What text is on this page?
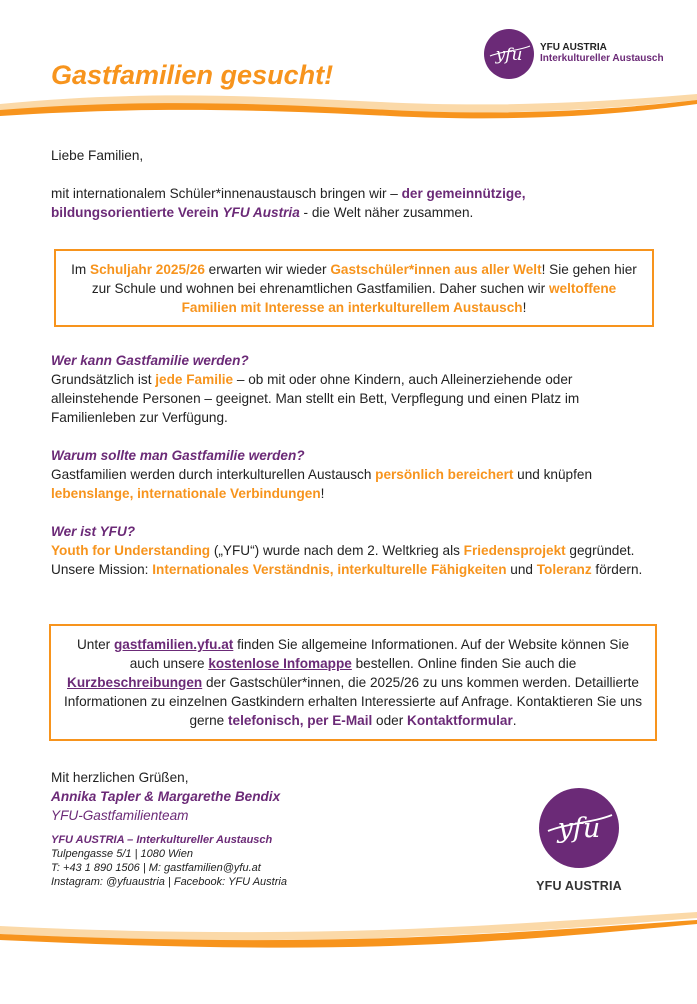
yfu YFU AUSTRIA
Interkultureller Austausch
Gastfamilien gesucht!
Liebe Familien,
mit internationalem Schüler*innenaustausch bringen wir – der gemeinnützige, bildungsorientierte Verein YFU Austria - die Welt näher zusammen.
Im Schuljahr 2025/26 erwarten wir wieder Gastschüler*innen aus aller Welt! Sie gehen hier zur Schule und wohnen bei ehrenamtlichen Gastfamilien. Daher suchen wir weltoffene Familien mit Interesse an interkulturellem Austausch!
Wer kann Gastfamilie werden?
Grundsätzlich ist jede Familie – ob mit oder ohne Kindern, auch Alleinerziehende oder alleinstehende Personen – geeignet. Man stellt ein Bett, Verpflegung und einen Platz im Familienleben zur Verfügung.
Warum sollte man Gastfamilie werden?
Gastfamilien werden durch interkulturellen Austausch persönlich bereichert und knüpfen lebenslange, internationale Verbindungen!
Wer ist YFU?
Youth for Understanding („YFU“) wurde nach dem 2. Weltkrieg als Friedensprojekt gegründet. Unsere Mission: Internationales Verständnis, interkulturelle Fähigkeiten und Toleranz fördern.
Unter gastfamilien.yfu.at finden Sie allgemeine Informationen. Auf der Website können Sie auch unsere kostenlose Infomappe bestellen. Online finden Sie auch die Kurzbeschreibungen der Gastschüler*innen, die 2025/26 zu uns kommen werden. Detaillierte Informationen zu einzelnen Gastkindern erhalten Interessierte auf Anfrage. Kontaktieren Sie uns gerne telefonisch, per E-Mail oder Kontaktformular.
Mit herzlichen Grüßen,
Annika Tapler & Margarethe Bendix
YFU-Gastfamilienteam
YFU AUSTRIA – Interkultureller Austausch
Tulpengasse 5/1 | 1080 Wien
T: +43 1 890 1506 | M: gastfamilien@yfu.at
Instagram: @yfuaustria | Facebook: YFU Austria
yfu
YFU AUSTRIA
